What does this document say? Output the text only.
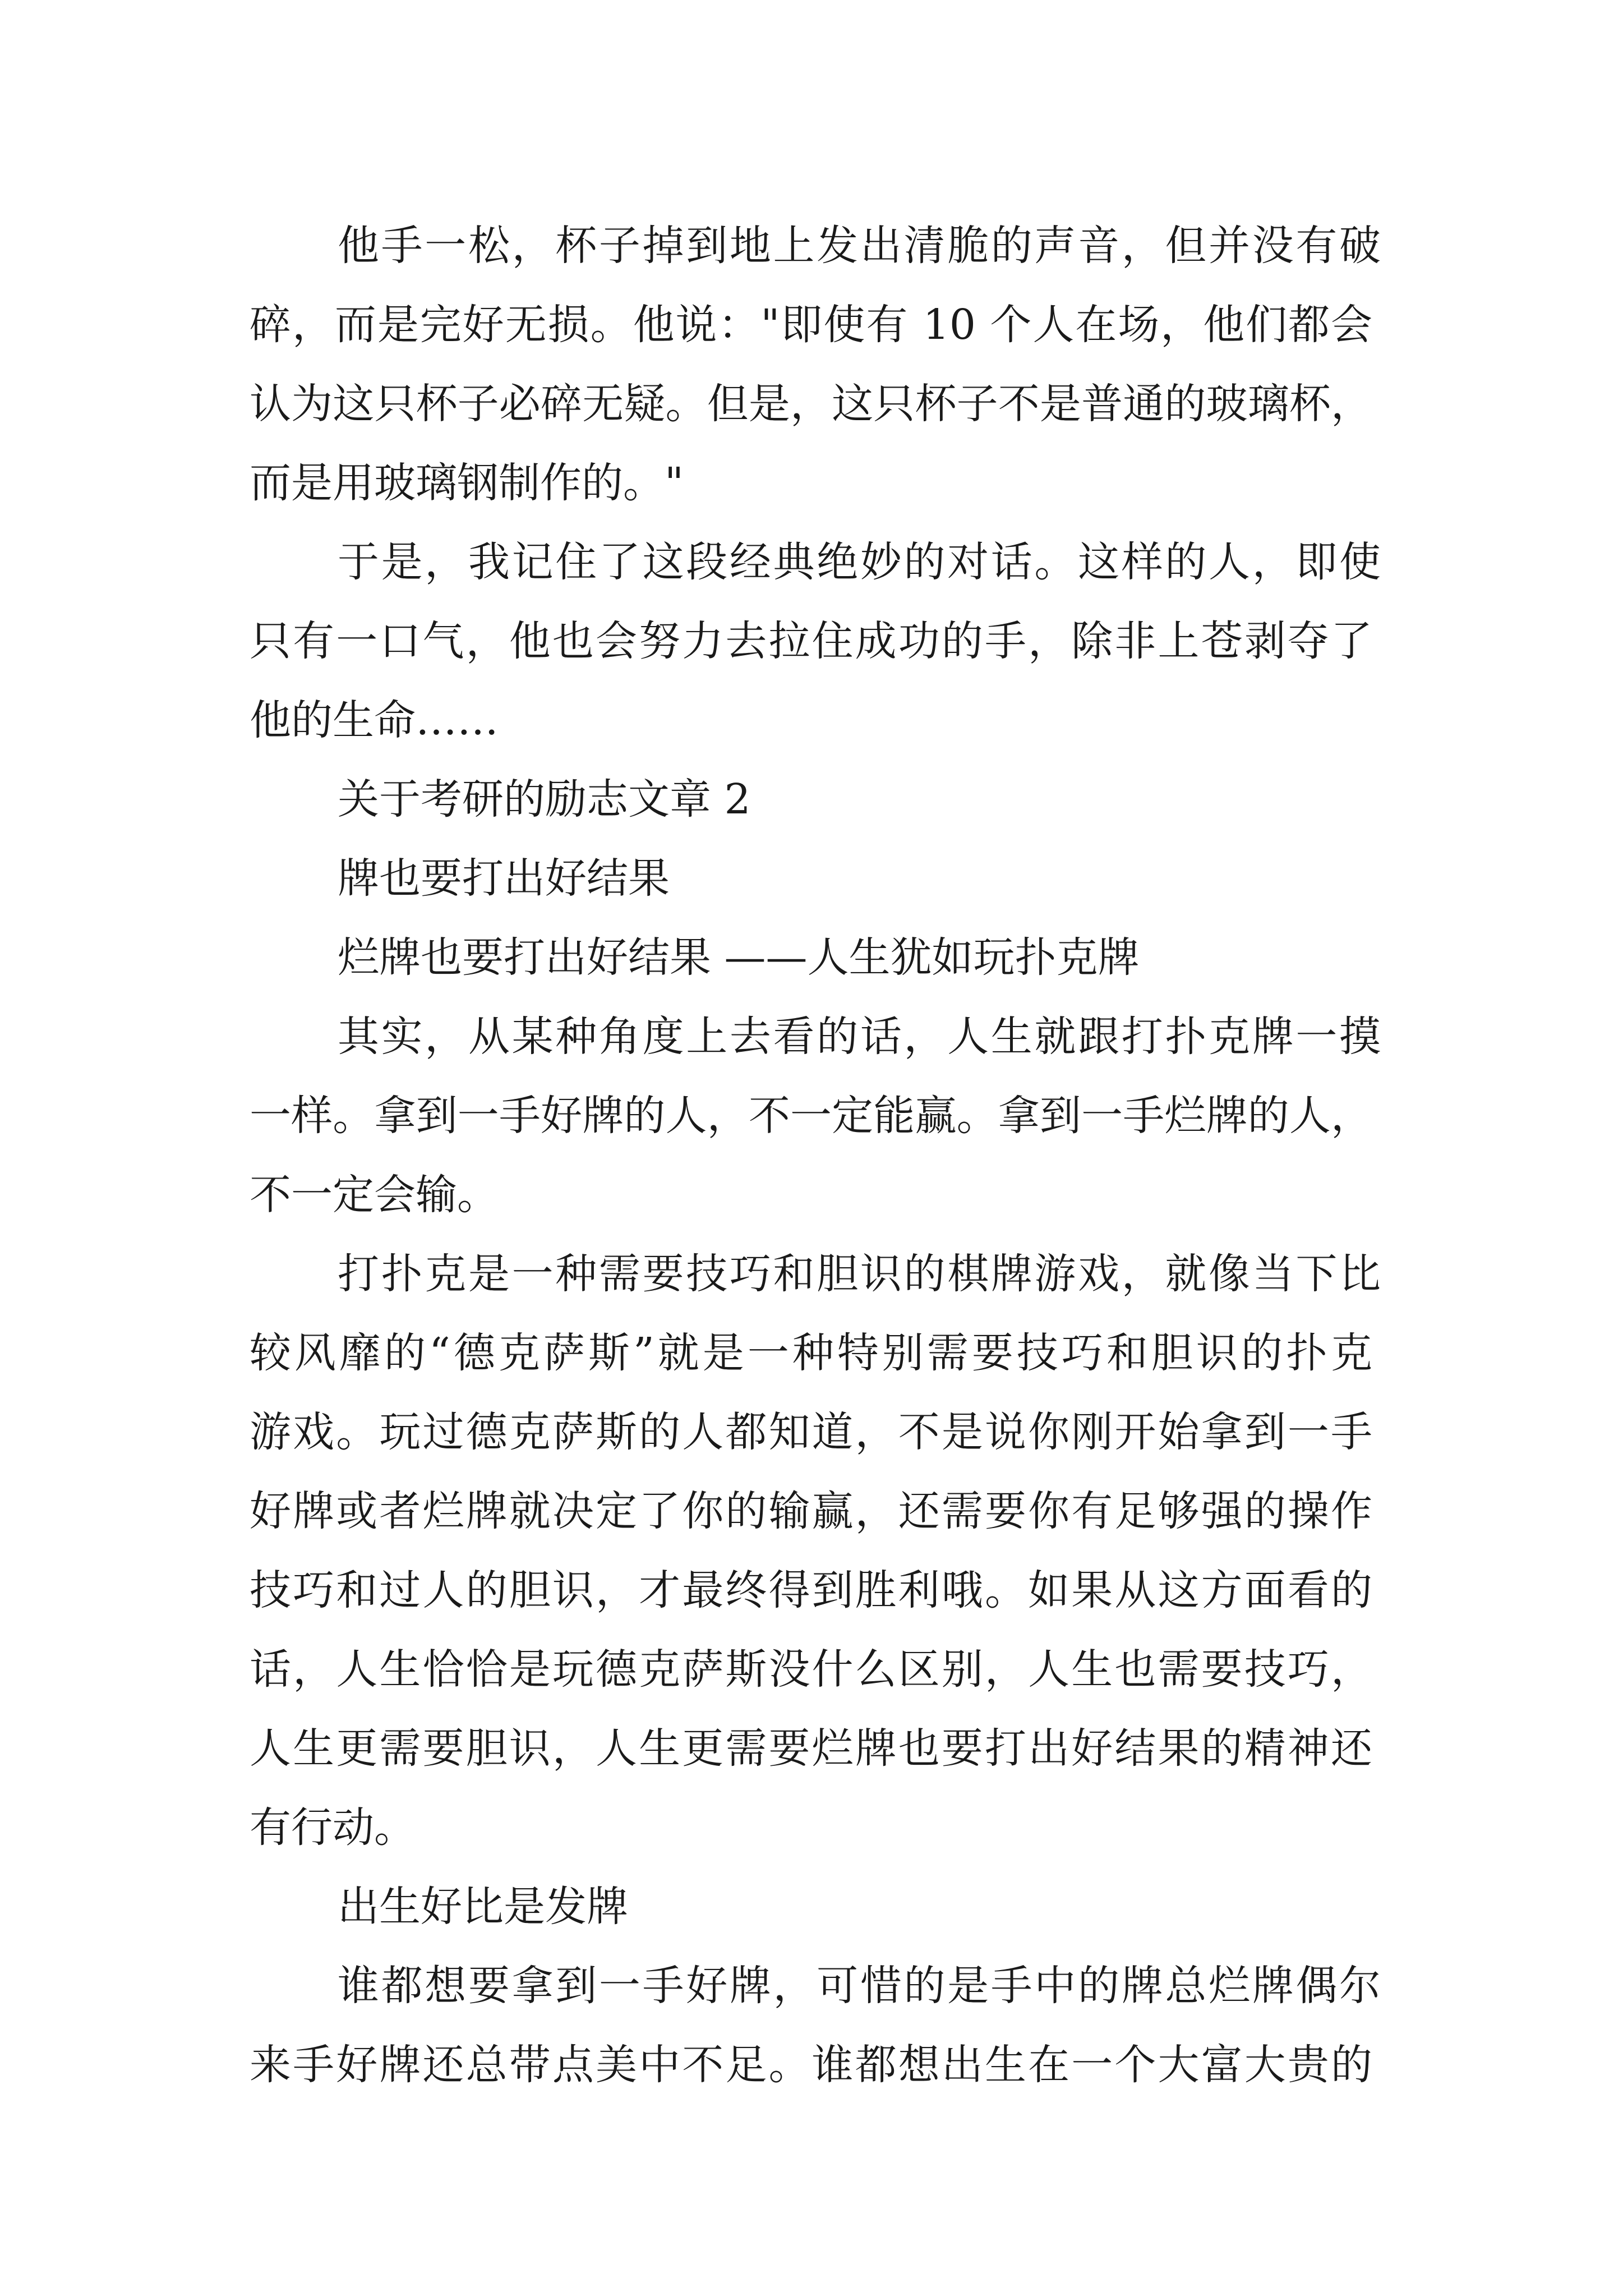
他手一松，杯子掉到地上发出清脆的声音，但并没有破
碎，而是完好无损。他说："即使有 10 个人在场，他们都会
认为这只杯子必碎无疑。但是，这只杯子不是普通的玻璃杯，
而是用玻璃钢制作的。"
于是，我记住了这段经典绝妙的对话。这样的人，即使
只有一口气，他也会努力去拉住成功的手，除非上苍剥夺了
他的生命……
关于考研的励志文章 2
牌也要打出好结果
烂牌也要打出好结果 ——人生犹如玩扑克牌
其实，从某种角度上去看的话，人生就跟打扑克牌一摸
一样。拿到一手好牌的人，不一定能赢。拿到一手烂牌的人，
不一定会输。
打扑克是一种需要技巧和胆识的棋牌游戏，就像当下比
较风靡的“德克萨斯”就是一种特别需要技巧和胆识的扑克
游戏。玩过德克萨斯的人都知道，不是说你刚开始拿到一手
好牌或者烂牌就决定了你的输赢，还需要你有足够强的操作
技巧和过人的胆识，才最终得到胜利哦。如果从这方面看的
话，人生恰恰是玩德克萨斯没什么区别，人生也需要技巧，
人生更需要胆识，人生更需要烂牌也要打出好结果的精神还
有行动。
出生好比是发牌
谁都想要拿到一手好牌，可惜的是手中的牌总烂牌偶尔
来手好牌还总带点美中不足。谁都想出生在一个大富大贵的
